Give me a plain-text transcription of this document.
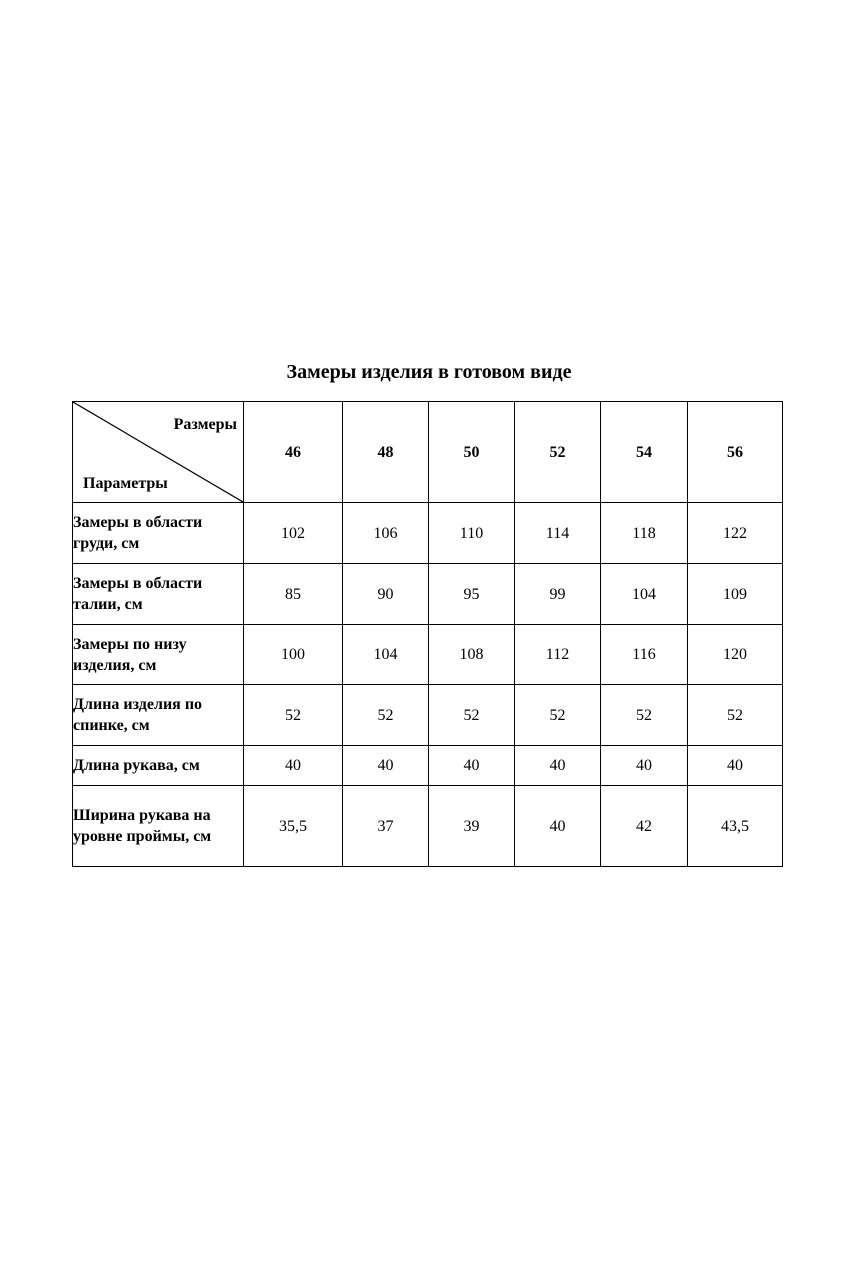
Замеры изделия в готовом виде
Размеры
Параметры	46	48	50	52	54	56
Замеры в области груди, см	102	106	110	114	118	122
Замеры в области талии, см	85	90	95	99	104	109
Замеры по низу изделия, см	100	104	108	112	116	120
Длина изделия по спинке, см	52	52	52	52	52	52
Длина рукава, см	40	40	40	40	40	40
Ширина рукава на уровне проймы, см	35,5	37	39	40	42	43,5
